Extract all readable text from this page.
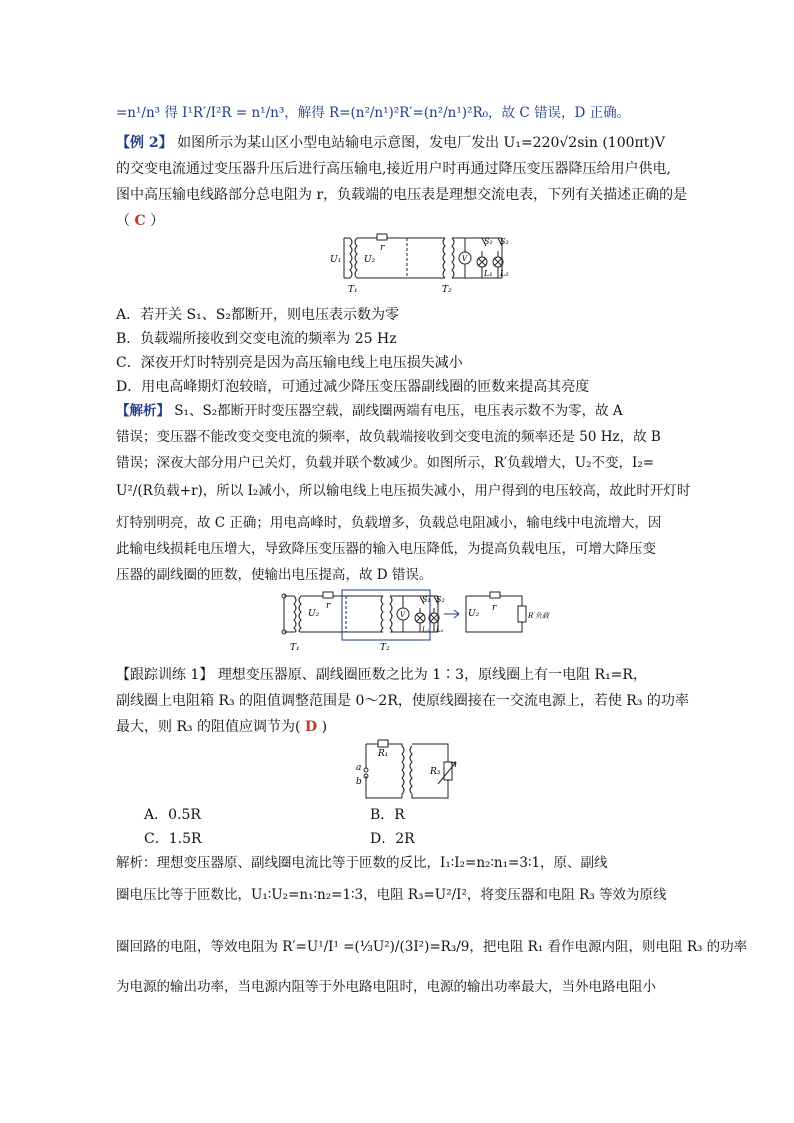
=n¹/n³ 得 I¹R′/I²R = n¹/n³，解得 R=(n²/n¹)²R′=(n²/n¹)²R₀，故 C 错误，D 正确。
【例 2】 如图所示为某山区小型电站输电示意图，发电厂发出 U₁=220√2sin (100πt)V
的交变电流通过变压器升压后进行高压输电,接近用户时再通过降压变压器降压给用户供电,
图中高压输电线路部分总电阻为 r，负载端的电压表是理想交流电表，下列有关描述正确的是
（ C ）
U₁	U₂
r
T₁	T₂
V
S₁ S₂
L₁ L₂
A．若开关 S₁、S₂都断开，则电压表示数为零
B．负载端所接收到交变电流的频率为 25 Hz
C．深夜开灯时特别亮是因为高压输电线上电压损失减小
D．用电高峰期灯泡较暗，可通过减少降压变压器副线圈的匝数来提高其亮度
【解析】 S₁、S₂都断开时变压器空载，副线圈两端有电压，电压表示数不为零，故 A
错误；变压器不能改变交变电流的频率，故负载端接收到交变电流的频率还是 50 Hz，故 B
错误；深夜大部分用户已关灯，负载并联个数减少。如图所示，R′负载增大，U₂不变，I₂=
U²/(R负载+r)，所以 I₂减小，所以输电线上电压损失减小，用户得到的电压较高，故此时开灯时
灯特别明亮，故 C 正确；用电高峰时，负载增多，负载总电阻减小，输电线中电流增大，因
此输电线损耗电压增大，导致降压变压器的输入电压降低，为提高负载电压，可增大降压变
压器的副线圈的匝数，使输出电压提高，故 D 错误。
U₂
r
T₁	T₂
V
S₁ S₂
L₁ L₂
U₂
r
R′负载
【跟踪训练 1】 理想变压器原、副线圈匝数之比为 1∶3，原线圈上有一电阻 R₁=R，
副线圈上电阻箱 R₃ 的阻值调整范围是 0～2R，使原线圈接在一交流电源上，若使 R₃ 的功率
最大，则 R₃ 的阻值应调节为( D )
R₁
a
b
R₃
A．0.5R	B．R
C．1.5R	D．2R
解析：理想变压器原、副线圈电流比等于匝数的反比，I₁∶I₂=n₂∶n₁=3∶1，原、副线
圈电压比等于匝数比，U₁∶U₂=n₁∶n₂=1∶3，电阻 R₃=U²/I²，将变压器和电阻 R₃ 等效为原线
圈回路的电阻，等效电阻为 R′=U¹/I¹ =(⅓U²)/(3I²)=R₃/9，把电阻 R₁ 看作电源内阻，则电阻 R₃ 的功率
为电源的输出功率，当电源内阻等于外电路电阻时，电源的输出功率最大，当外电路电阻小
